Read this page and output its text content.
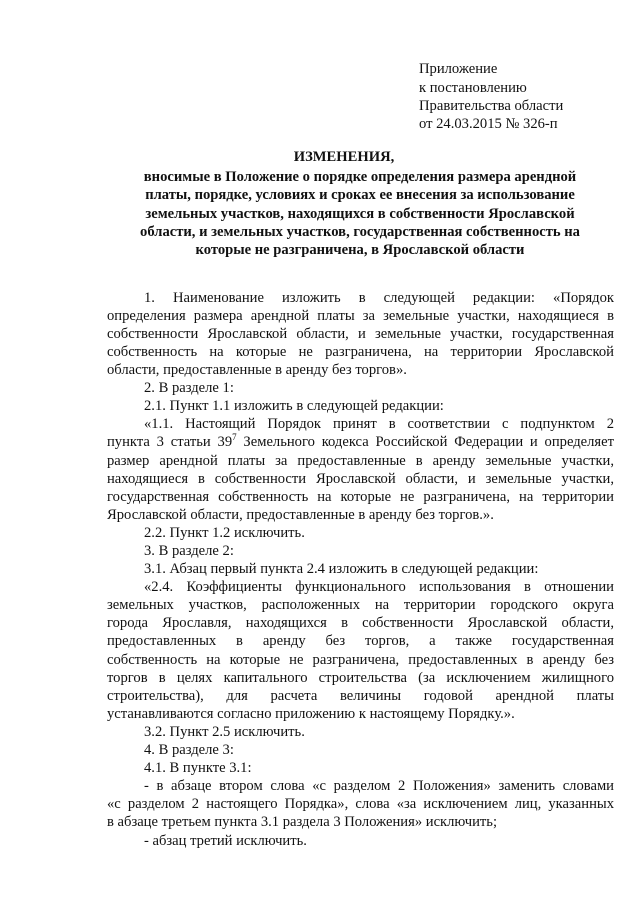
Приложение
к постановлению
Правительства области
от 24.03.2015 № 326-п
ИЗМЕНЕНИЯ,
вносимые в Положение о порядке определения размера арендной
платы, порядке, условиях и сроках ее внесения за использование
земельных участков, находящихся в собственности Ярославской
области, и земельных участков, государственная собственность на
которые не разграничена, в Ярославской области
1. Наименование изложить в следующей редакции: «Порядок
определения размера арендной платы за земельные участки, находящиеся в
собственности Ярославской области, и земельные участки, государственная
собственность на которые не разграничена, на территории Ярославской
области, предоставленные в аренду без торгов».
2. В разделе 1:
2.1. Пункт 1.1 изложить в следующей редакции:
«1.1. Настоящий Порядок принят в соответствии с подпунктом 2
пункта 3 статьи $39^7$ Земельного кодекса Российской Федерации и определяет
размер арендной платы за предоставленные в аренду земельные участки,
находящиеся в собственности Ярославской области, и земельные участки,
государственная собственность на которые не разграничена, на территории
Ярославской области, предоставленные в аренду без торгов.».
2.2. Пункт 1.2 исключить.
3. В разделе 2:
3.1. Абзац первый пункта 2.4 изложить в следующей редакции:
«2.4. Коэффициенты функционального использования в отношении
земельных участков, расположенных на территории городского округа
города Ярославля, находящихся в собственности Ярославской области,
предоставленных в аренду без торгов, а также государственная
собственность на которые не разграничена, предоставленных в аренду без
торгов в целях капитального строительства (за исключением жилищного
строительства), для расчета величины годовой арендной платы
устанавливаются согласно приложению к настоящему Порядку.».
3.2. Пункт 2.5 исключить.
4. В разделе 3:
4.1. В пункте 3.1:
- в абзаце втором слова «с разделом 2 Положения» заменить словами
«с разделом 2 настоящего Порядка», слова «за исключением лиц, указанных
в абзаце третьем пункта 3.1 раздела 3 Положения» исключить;
- абзац третий исключить.
